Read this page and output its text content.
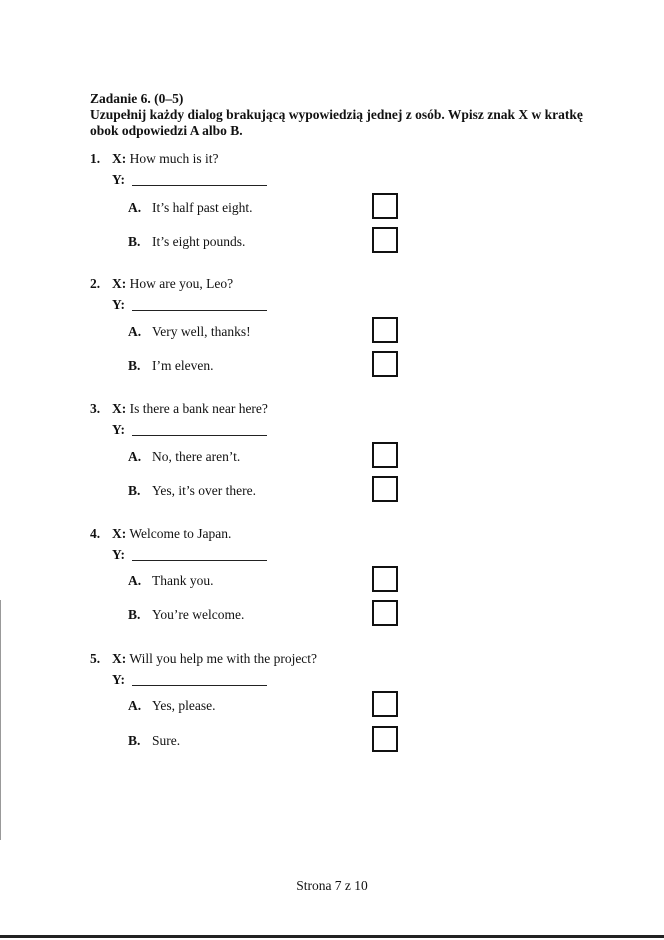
Zadanie 6. (0–5)
Uzupełnij każdy dialog brakującą wypowiedzią jednej z osób. Wpisz znak X w kratkę
obok odpowiedzi A albo B.
1. X: How much is it?
Y:
A. It’s half past eight.
B. It’s eight pounds.
2. X: How are you, Leo?
Y:
A. Very well, thanks!
B. I’m eleven.
3. X: Is there a bank near here?
Y:
A. No, there aren’t.
B. Yes, it’s over there.
4. X: Welcome to Japan.
Y:
A. Thank you.
B. You’re welcome.
5. X: Will you help me with the project?
Y:
A. Yes, please.
B. Sure.
Strona 7 z 10
